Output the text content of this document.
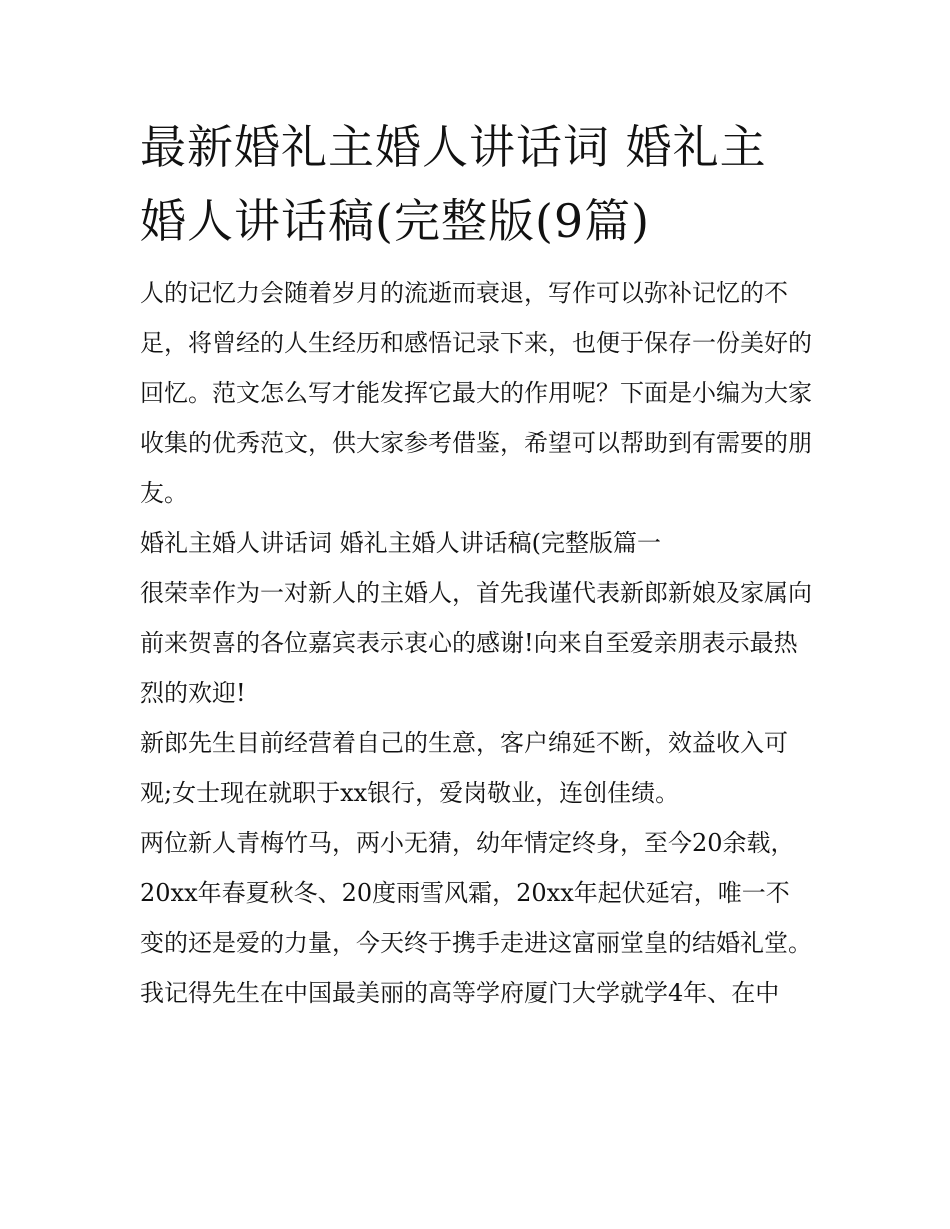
最新婚礼主婚人讲话词 婚礼主婚人讲话稿(完整版(9篇)

人的记忆力会随着岁月的流逝而衰退，写作可以弥补记忆的不足，将曾经的人生经历和感悟记录下来，也便于保存一份美好的回忆。范文怎么写才能发挥它最大的作用呢？下面是小编为大家收集的优秀范文，供大家参考借鉴，希望可以帮助到有需要的朋友。

婚礼主婚人讲话词 婚礼主婚人讲话稿(完整版篇一

很荣幸作为一对新人的主婚人，首先我谨代表新郎新娘及家属向前来贺喜的各位嘉宾表示衷心的感谢!向来自至爱亲朋表示最热烈的欢迎!

新郎先生目前经营着自己的生意，客户绵延不断，效益收入可观;女士现在就职于xx银行，爱岗敬业，连创佳绩。

两位新人青梅竹马，两小无猜，幼年情定终身，至今20余载，20xx年春夏秋冬、20度雨雪风霜，20xx年起伏延宕，唯一不变的还是爱的力量，今天终于携手走进这富丽堂皇的结婚礼堂。

我记得先生在中国最美丽的高等学府厦门大学就学4年、在中
